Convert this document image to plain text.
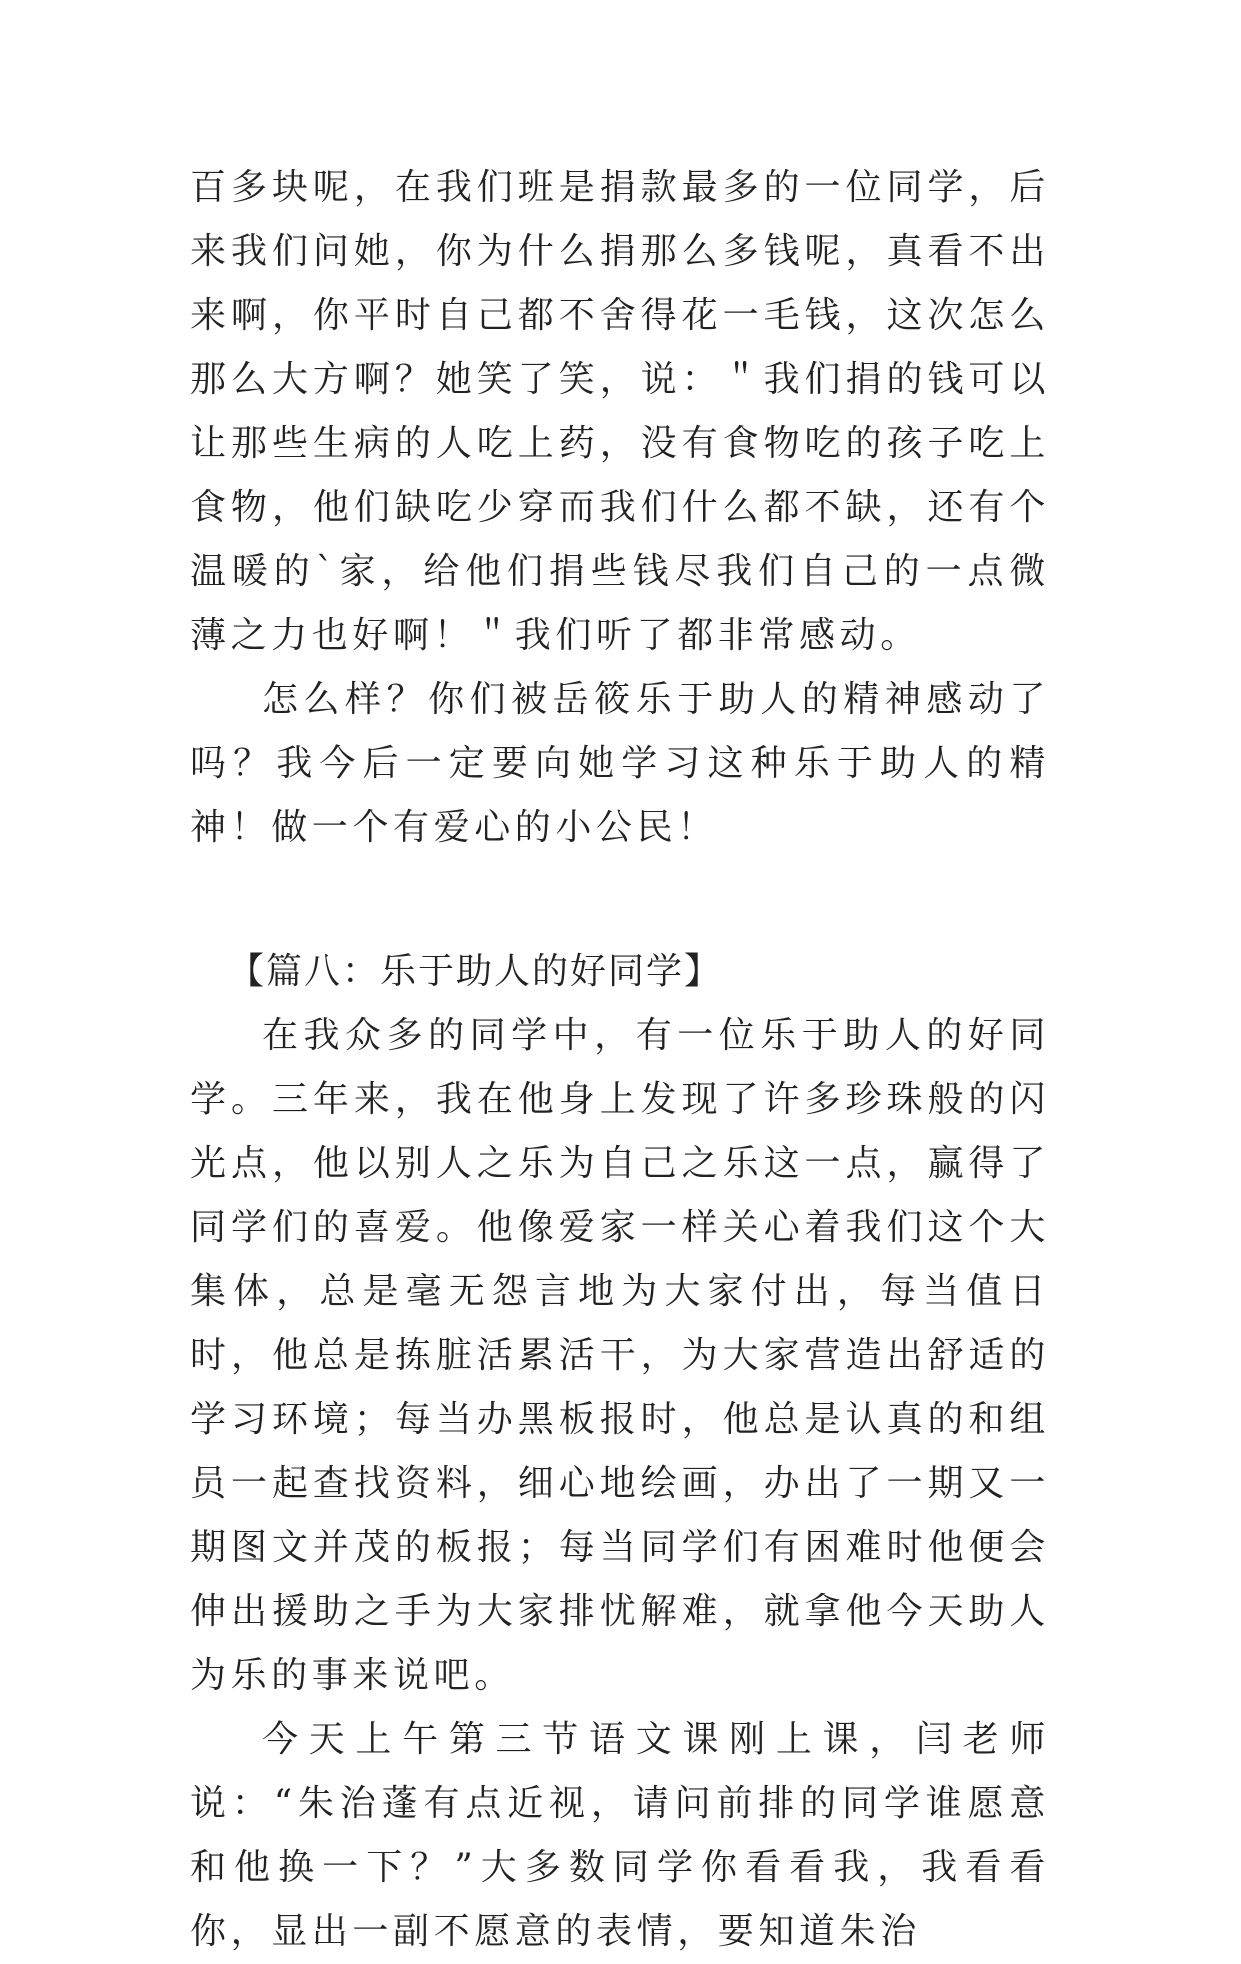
百多块呢，在我们班是捐款最多的一位同学，后来我们问她，你为什么捐那么多钱呢，真看不出来啊，你平时自己都不舍得花一毛钱，这次怎么那么大方啊？她笑了笑，说：＂我们捐的钱可以让那些生病的人吃上药，没有食物吃的孩子吃上食物，他们缺吃少穿而我们什么都不缺，还有个温暖的`家，给他们捐些钱尽我们自己的一点微薄之力也好啊！＂我们听了都非常感动。

怎么样？你们被岳筱乐于助人的精神感动了吗？我今后一定要向她学习这种乐于助人的精神！做一个有爱心的小公民！

【篇八：乐于助人的好同学】

在我众多的同学中，有一位乐于助人的好同学。三年来，我在他身上发现了许多珍珠般的闪光点，他以别人之乐为自己之乐这一点，赢得了同学们的喜爱。他像爱家一样关心着我们这个大集体，总是毫无怨言地为大家付出，每当值日时，他总是拣脏活累活干，为大家营造出舒适的学习环境；每当办黑板报时，他总是认真的和组员一起查找资料，细心地绘画，办出了一期又一期图文并茂的板报；每当同学们有困难时他便会伸出援助之手为大家排忧解难，就拿他今天助人为乐的事来说吧。

今天上午第三节语文课刚上课，闫老师说：“朱治蓬有点近视，请问前排的同学谁愿意和他换一下？”大多数同学你看看我，我看看你，显出一副不愿意的表情，要知道朱治
